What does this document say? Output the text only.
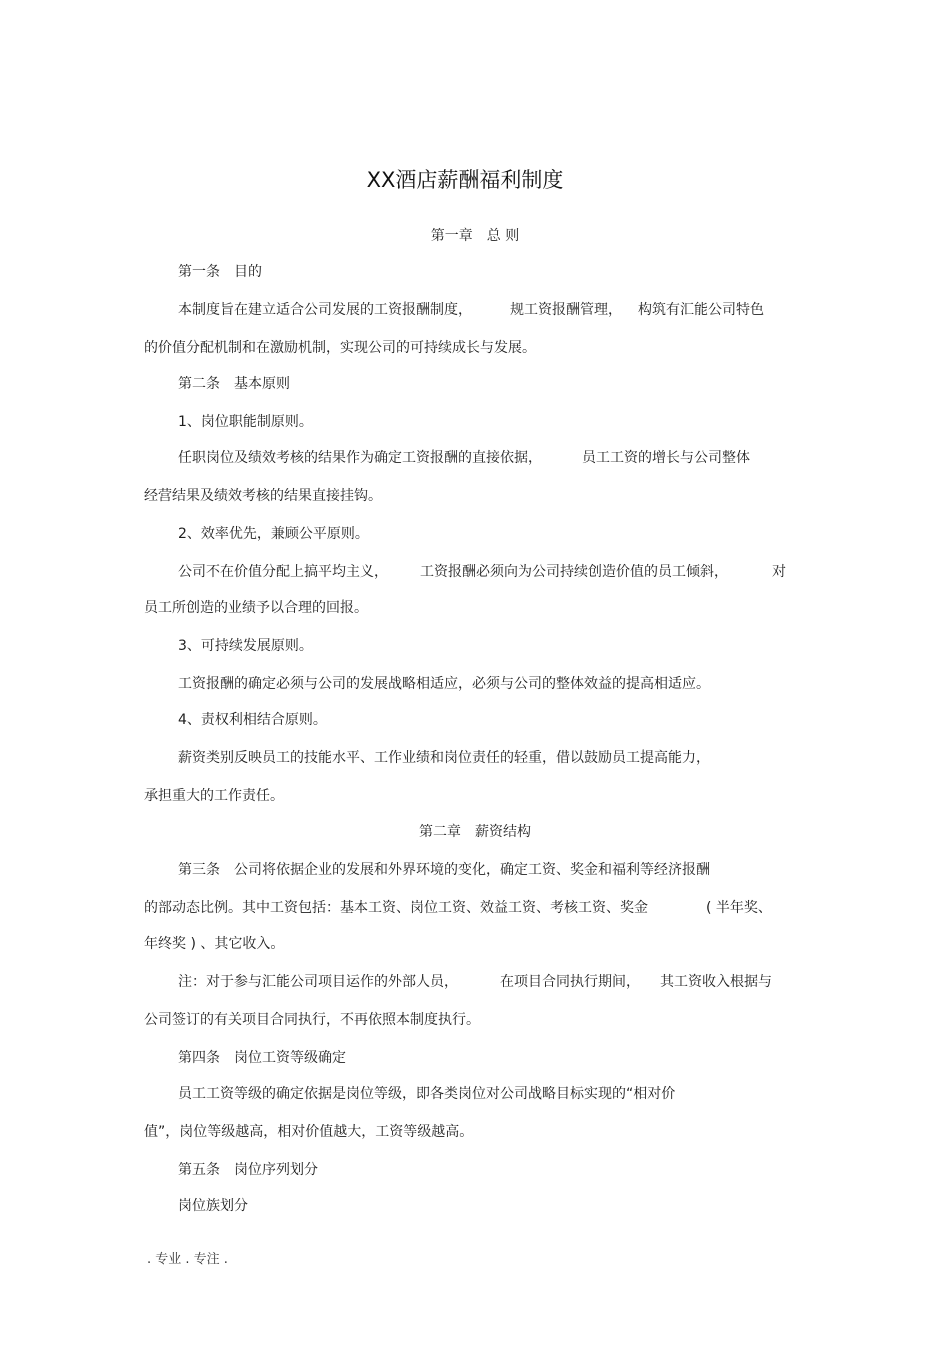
XX酒店薪酬福利制度
第一章　总 则
第一条　目的
本制度旨在建立适合公司发展的工资报酬制度，	规工资报酬管理， 构筑有汇能公司特色
的价值分配机制和在激励机制，实现公司的可持续成长与发展。
第二条　基本原则
1、岗位职能制原则。
任职岗位及绩效考核的结果作为确定工资报酬的直接依据，	员工工资的增长与公司整体
经营结果及绩效考核的结果直接挂钩。
2、效率优先，兼顾公平原则。
公司不在价值分配上搞平均主义， 工资报酬必须向为公司持续创造价值的员工倾斜，	对
员工所创造的业绩予以合理的回报。
3、可持续发展原则。
工资报酬的确定必须与公司的发展战略相适应，必须与公司的整体效益的提高相适应。
4、责权利相结合原则。
薪资类别反映员工的技能水平、工作业绩和岗位责任的轻重，借以鼓励员工提高能力，
承担重大的工作责任。
第二章　薪资结构
第三条　公司将依据企业的发展和外界环境的变化，确定工资、奖金和福利等经济报酬
的部动态比例。其中工资包括：基本工资、岗位工资、效益工资、考核工资、奖金	( 半年奖、
年终奖 ) 、其它收入。
注：对于参与汇能公司项目运作的外部人员，	在项目合同执行期间， 其工资收入根据与
公司签订的有关项目合同执行，不再依照本制度执行。
第四条　岗位工资等级确定
员工工资等级的确定依据是岗位等级，即各类岗位对公司战略目标实现的“相对价
值”，岗位等级越高，相对价值越大，工资等级越高。
第五条　岗位序列划分
岗位族划分
. 专业 . 专注 .
